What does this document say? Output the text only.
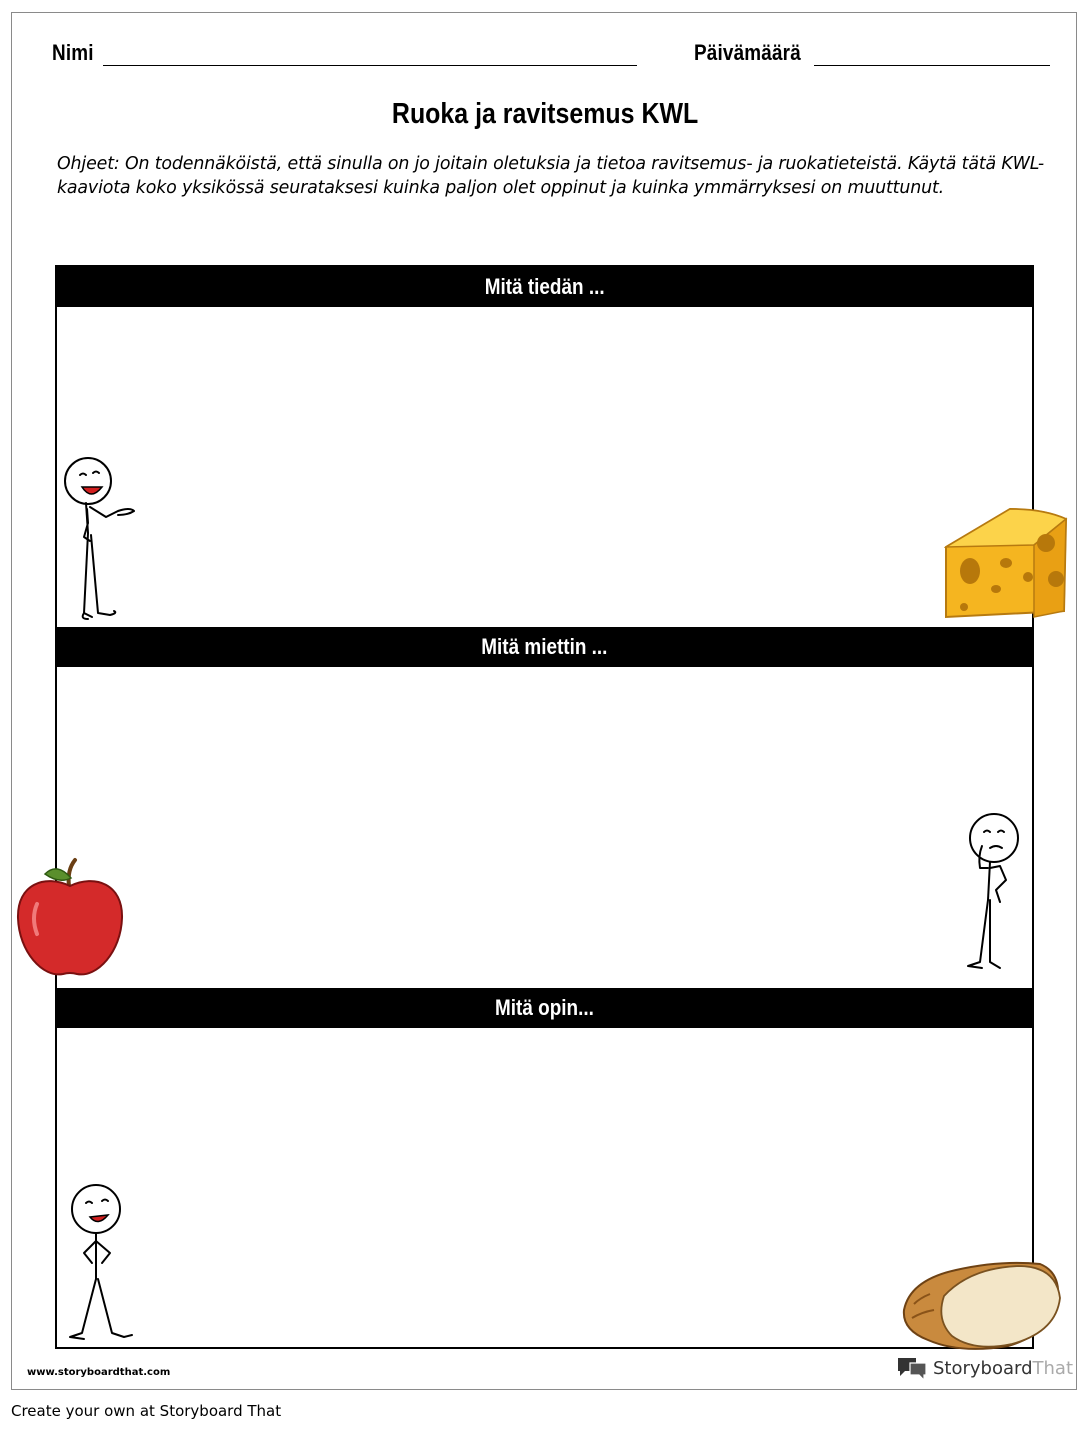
Nimi	Päivämäärä
Ruoka ja ravitsemus KWL
Ohjeet: On todennäköistä, että sinulla on jo joitain oletuksia ja tietoa ravitsemus- ja ruokatieteistä. Käytä tätä KWL-kaaviota koko yksikössä seurataksesi kuinka paljon olet oppinut ja kuinka ymmärryksesi on muuttunut.
Mitä tiedän ...
Mitä miettin ...
Mitä opin...
www.storyboardthat.com	StoryboardThat
Create your own at Storyboard That
